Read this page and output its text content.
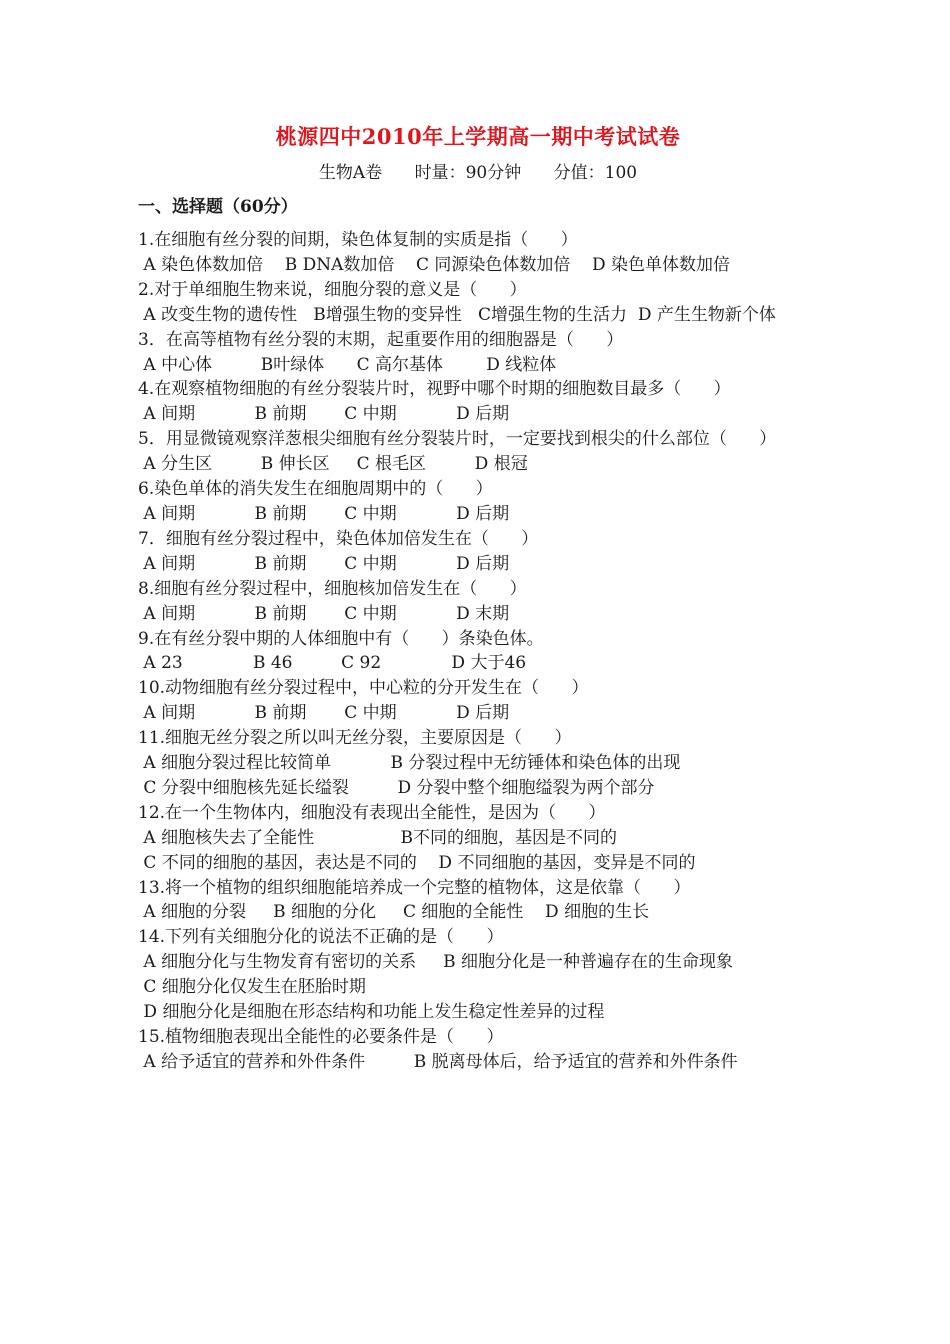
桃源四中2010年上学期高一期中考试试卷
生物A卷      时量：90分钟      分值：100
一、选择题（60分）
1.在细胞有丝分裂的间期，染色体复制的实质是指（      ）
A 染色体数加倍    B DNA数加倍    C 同源染色体数加倍    D 染色单体数加倍
2.对于单细胞生物来说，细胞分裂的意义是（      ）
A 改变生物的遗传性   B增强生物的变异性   C增强生物的生活力  D 产生生物新个体
3．在高等植物有丝分裂的末期，起重要作用的细胞器是（      ）
A 中心体         B叶绿体      C 高尔基体        D 线粒体
4.在观察植物细胞的有丝分裂装片时，视野中哪个时期的细胞数目最多（      ）
A 间期           B 前期       C 中期           D 后期
5．用显微镜观察洋葱根尖细胞有丝分裂装片时，一定要找到根尖的什么部位（      ）
A 分生区         B 伸长区     C 根毛区         D 根冠
6.染色单体的消失发生在细胞周期中的（      ）
A 间期           B 前期       C 中期           D 后期
7．细胞有丝分裂过程中，染色体加倍发生在（      ）
A 间期           B 前期       C 中期           D 后期
8.细胞有丝分裂过程中，细胞核加倍发生在（      ）
A 间期           B 前期       C 中期           D 末期
9.在有丝分裂中期的人体细胞中有（      ）条染色体。
A 23             B 46         C 92             D 大于46
10.动物细胞有丝分裂过程中，中心粒的分开发生在（      ）
A 间期           B 前期       C 中期           D 后期
11.细胞无丝分裂之所以叫无丝分裂，主要原因是（      ）
A 细胞分裂过程比较简单           B 分裂过程中无纺锤体和染色体的出现
C 分裂中细胞核先延长缢裂         D 分裂中整个细胞缢裂为两个部分
12.在一个生物体内，细胞没有表现出全能性，是因为（      ）
A 细胞核失去了全能性                B不同的细胞，基因是不同的
C 不同的细胞的基因，表达是不同的    D 不同细胞的基因，变异是不同的
13.将一个植物的组织细胞能培养成一个完整的植物体，这是依靠（      ）
A 细胞的分裂     B 细胞的分化     C 细胞的全能性    D 细胞的生长
14.下列有关细胞分化的说法不正确的是（      ）
A 细胞分化与生物发育有密切的关系     B 细胞分化是一种普遍存在的生命现象
C 细胞分化仅发生在胚胎时期
D 细胞分化是细胞在形态结构和功能上发生稳定性差异的过程
15.植物细胞表现出全能性的必要条件是（      ）
A 给予适宜的营养和外件条件         B 脱离母体后，给予适宜的营养和外件条件
